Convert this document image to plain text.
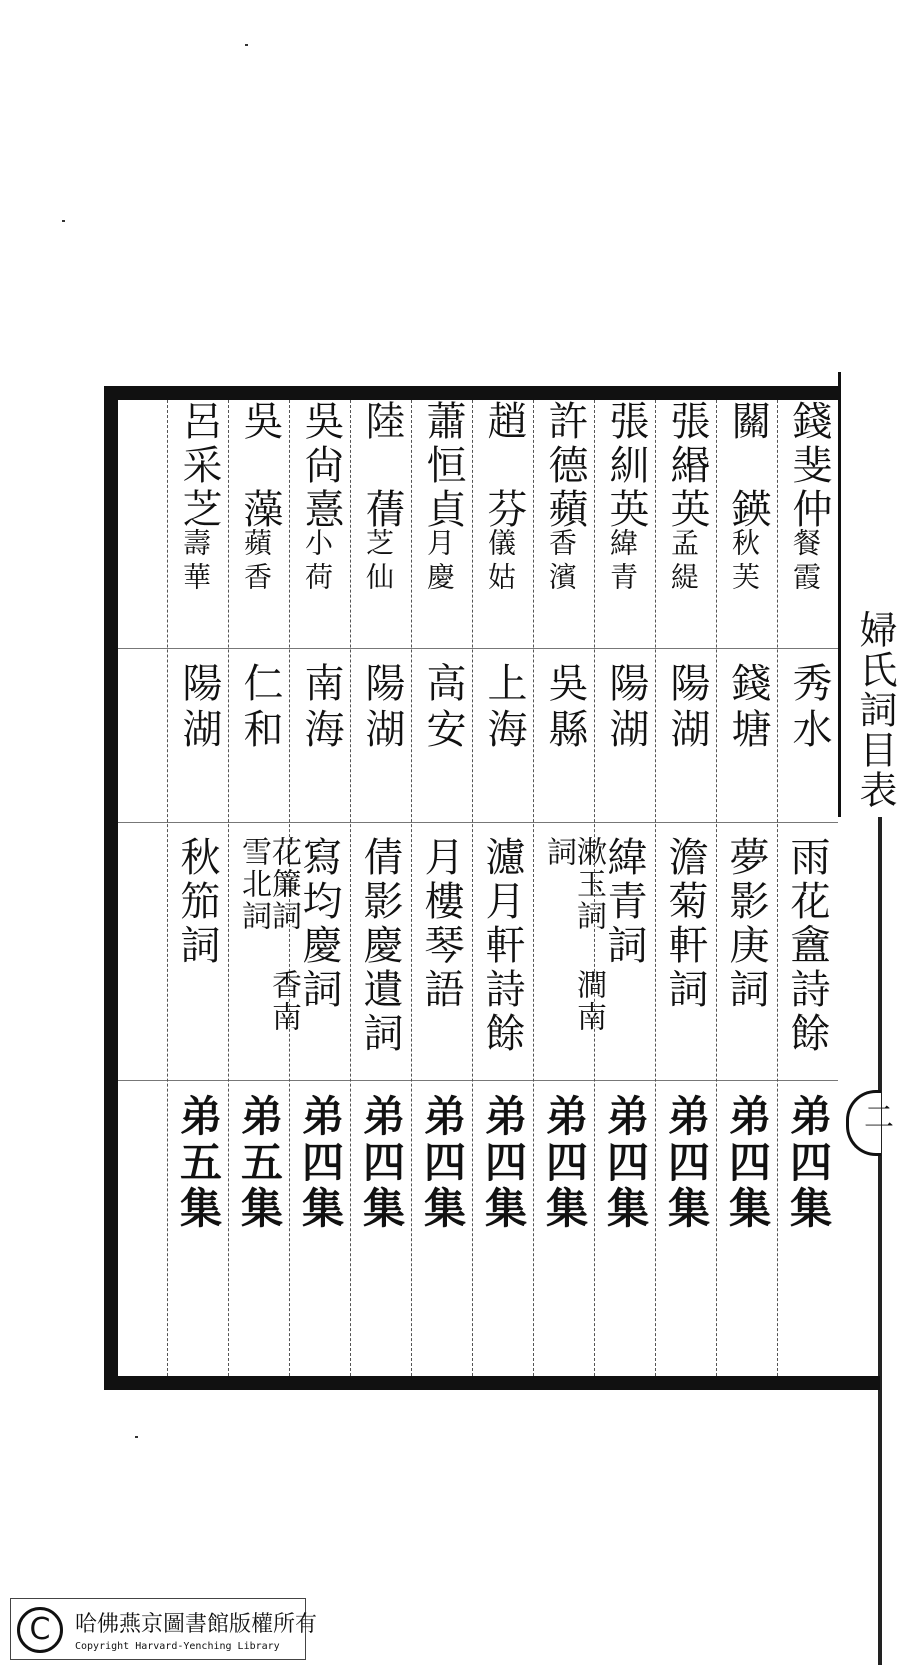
婦氏詞目表
二
錢斐仲
餐霞
秀水
雨花盦詩餘
弟四集
關　鍈
秋芙
錢塘
夢影庚詞
弟四集
張緡英
孟緹
陽湖
澹菊軒詞
弟四集
張紃英
緯青
陽湖
緯青詞
弟四集
許德蘋
香濱
吳縣
漱玉詞 澗南詞
弟四集
趙　芬
儀姑
上海
濾月軒詩餘
弟四集
蕭恒貞
月慶
高安
月樓琴語
弟四集
陸　蒨
芝仙
陽湖
倩影慶遺詞
弟四集
吳尙憙
小荷
南海
寫均慶詞
弟四集
吳　藻
蘋香
仁和
花簾詞 香南雪北詞
弟五集
呂采芝
壽華
陽湖
秋笳詞
弟五集
C	哈佛燕京圖書館版權所有
Copyright Harvard-Yenching Library
